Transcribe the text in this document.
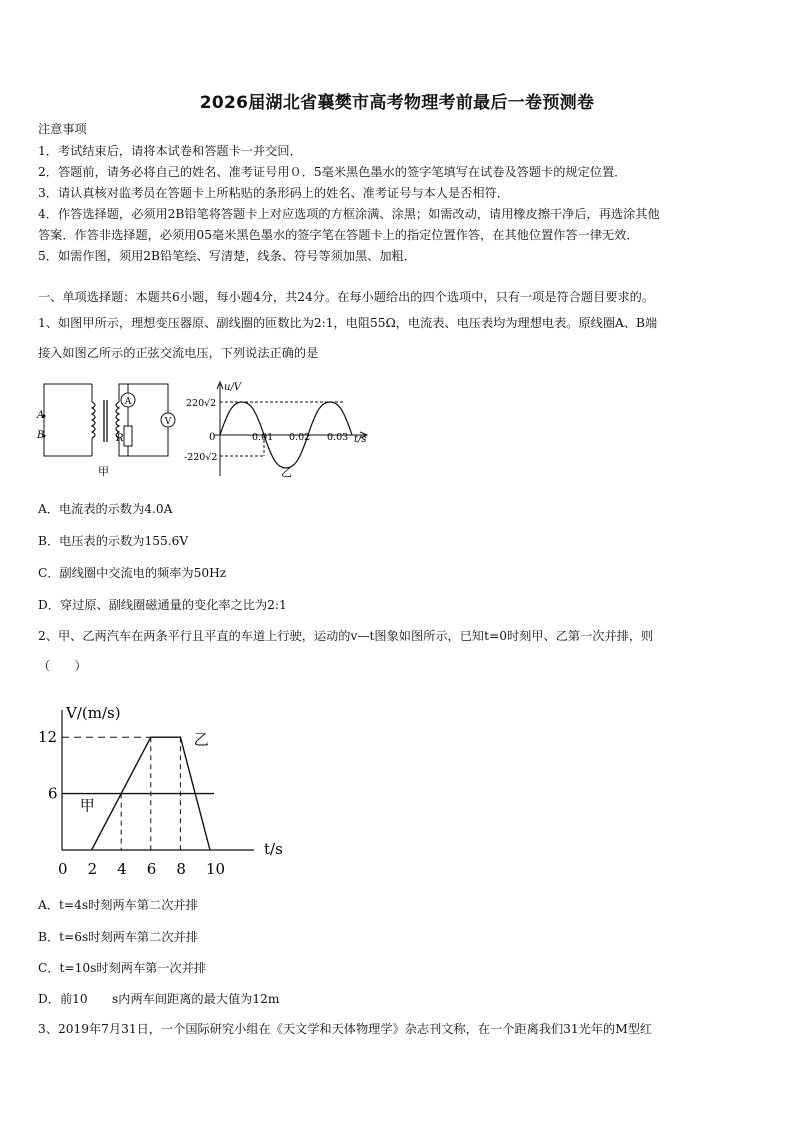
2026届湖北省襄樊市高考物理考前最后一卷预测卷
注意事项
1．考试结束后，请将本试卷和答题卡一并交回．
2．答题前，请务必将自己的姓名、准考证号用０．5毫米黑色墨水的签字笔填写在试卷及答题卡的规定位置．
3．请认真核对监考员在答题卡上所粘贴的条形码上的姓名、准考证号与本人是否相符．
4．作答选择题，必须用2B铅笔将答题卡上对应选项的方框涂满、涂黑；如需改动，请用橡皮擦干净后，再选涂其他
答案．作答非选择题，必须用05毫米黑色墨水的签字笔在答题卡上的指定位置作答，在其他位置作答一律无效．
5．如需作图，须用2B铅笔绘、写清楚，线条、符号等须加黑、加粗．
一、单项选择题：本题共6小题，每小题4分，共24分。在每小题给出的四个选项中，只有一项是符合题目要求的。
1、如图甲所示，理想变压器原、副线圈的匝数比为2:1，电阻55Ω，电流表、电压表均为理想电表。原线圈A、B端
接入如图乙所示的正弦交流电压，下列说法正确的是
A
V
A
B	R
甲
u/V
220√2
-220√2
0	0.01 0.02 0.03 t/s
乙
A．电流表的示数为4.0A
B．电压表的示数为155.6V
C．副线圈中交流电的频率为50Hz
D．穿过原、副线圈磁通量的变化率之比为2:1
2、甲、乙两汽车在两条平行且平直的车道上行驶，运动的v—t图象如图所示，已知t=0时刻甲、乙第一次并排，则
（　　）
0 2 4 6 8 10
6
12
甲
乙
V/(m/s)
t/s
A．t=4s时刻两车第二次并排
B．t=6s时刻两车第二次并排
C．t=10s时刻两车第一次并排
D．前10　　s内两车间距离的最大值为12m
3、2019年7月31日，一个国际研究小组在《天文学和天体物理学》杂志刊文称，在一个距离我们31光年的M型红
